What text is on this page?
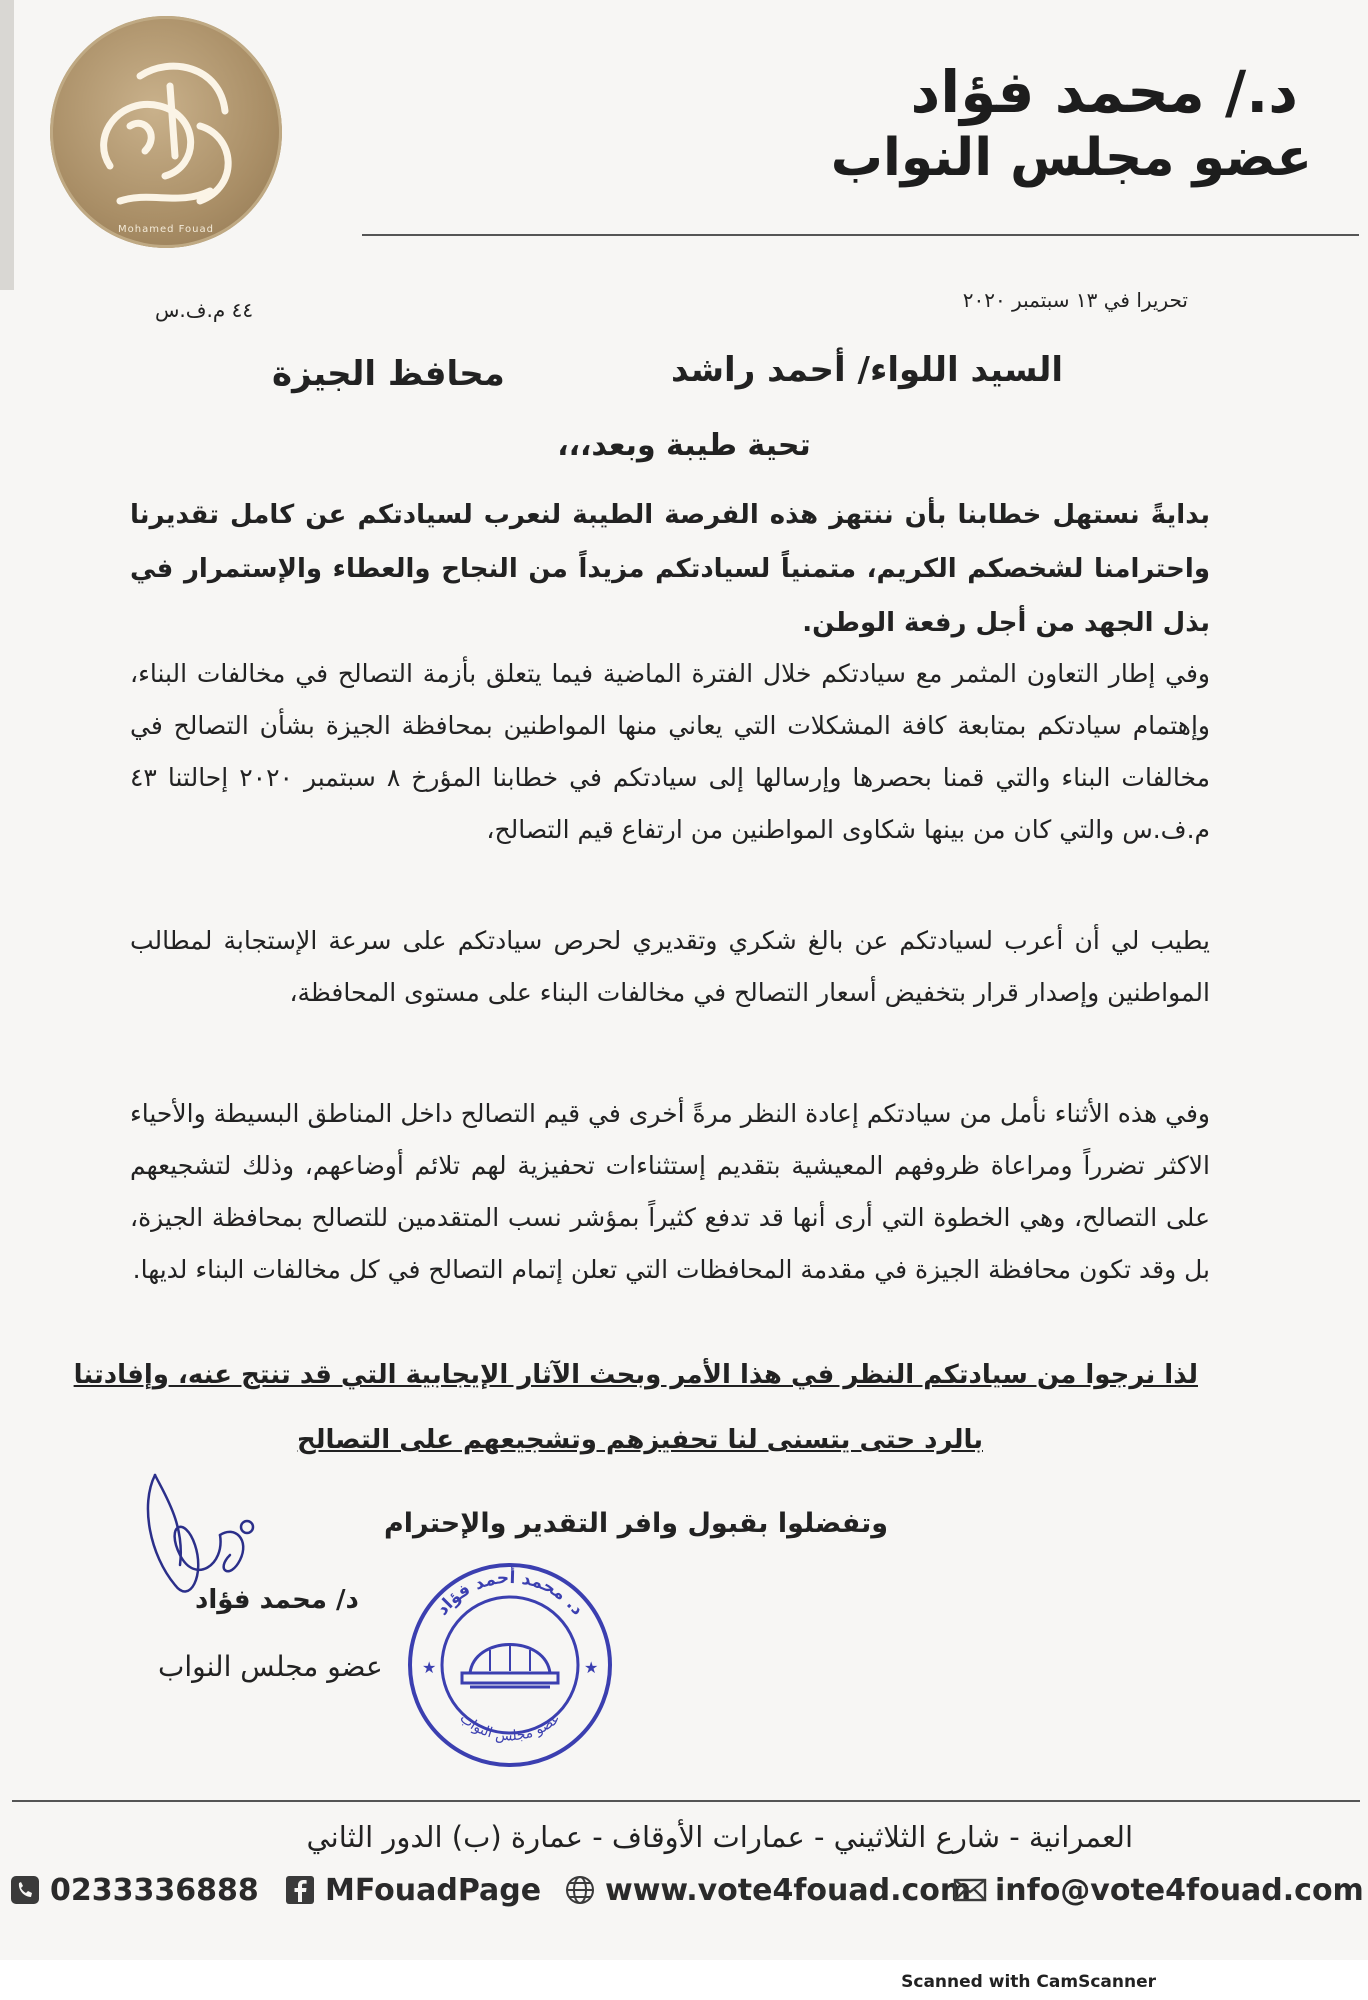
Mohamed Fouad
د./ محمد فؤاد
عضو مجلس النواب
تحريرا في ١٣ سبتمبر ٢٠٢٠
٤٤ م.ف.س
السيد اللواء/ أحمد راشد
محافظ الجيزة
تحية طيبة وبعد،،،
بدايةً نستهل خطابنا بأن ننتهز هذه الفرصة الطيبة لنعرب لسيادتكم عن كامل تقديرنا واحترامنا لشخصكم الكريم، متمنياً لسيادتكم مزيداً من النجاح والعطاء والإستمرار في بذل الجهد من أجل رفعة الوطن.
وفي إطار التعاون المثمر مع سيادتكم خلال الفترة الماضية فيما يتعلق بأزمة التصالح في مخالفات البناء، وإهتمام سيادتكم بمتابعة كافة المشكلات التي يعاني منها المواطنين بمحافظة الجيزة بشأن التصالح في مخالفات البناء والتي قمنا بحصرها وإرسالها إلى سيادتكم في خطابنا المؤرخ ٨ سبتمبر ٢٠٢٠ إحالتنا ٤٣ م.ف.س والتي كان من بينها شكاوى المواطنين من ارتفاع قيم التصالح،
يطيب لي أن أعرب لسيادتكم عن بالغ شكري وتقديري لحرص سيادتكم على سرعة الإستجابة لمطالب المواطنين وإصدار قرار بتخفيض أسعار التصالح في مخالفات البناء على مستوى المحافظة،
وفي هذه الأثناء نأمل من سيادتكم إعادة النظر مرةً أخرى في قيم التصالح داخل المناطق البسيطة والأحياء الاكثر تضرراً ومراعاة ظروفهم المعيشية بتقديم إستثناءات تحفيزية لهم تلائم أوضاعهم، وذلك لتشجيعهم على التصالح، وهي الخطوة التي أرى أنها قد تدفع كثيراً بمؤشر نسب المتقدمين للتصالح بمحافظة الجيزة، بل وقد تكون محافظة الجيزة في مقدمة المحافظات التي تعلن إتمام التصالح في كل مخالفات البناء لديها.
لذا نرجوا من سيادتكم النظر في هذا الأمر وبحث الآثار الإيجابية التي قد تنتج عنه، وإفادتنا
بالرد حتى يتسنى لنا تحفيزهم وتشجيعهم على التصالح
وتفضلوا بقبول وافر التقدير والإحترام
د/ محمد فؤاد
عضو مجلس النواب ★	★
د. محمد أحمد فؤاد
عضو مجلس النواب
العمرانية - شارع الثلاثيني - عمارات الأوقاف - عمارة (ب) الدور الثاني
0233336888 MFouadPage www.vote4fouad.com info@vote4fouad.com
Scanned with CamScanner
